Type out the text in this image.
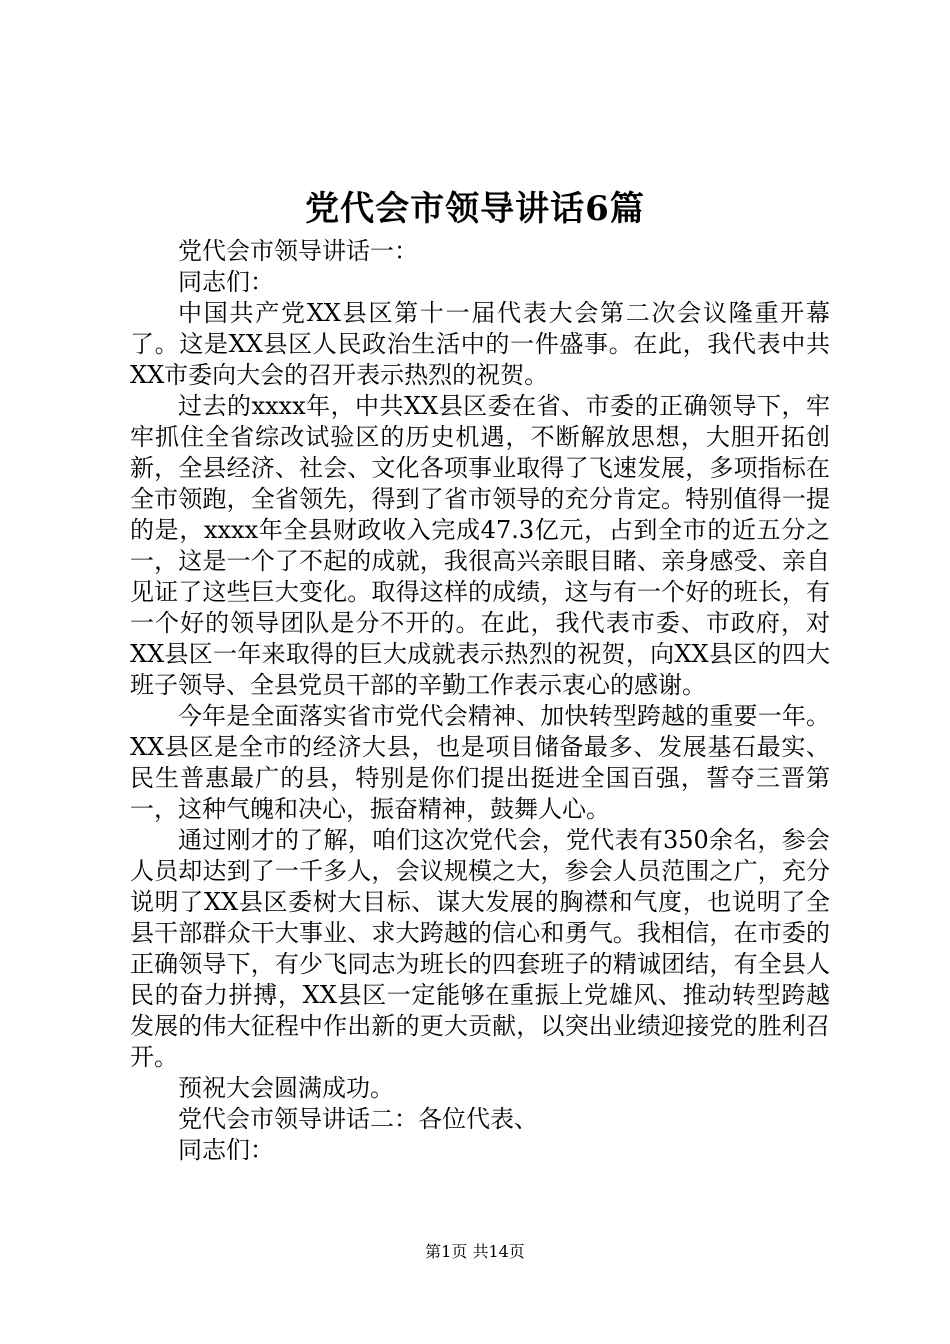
党代会市领导讲话6篇

党代会市领导讲话一：

同志们：

中国共产党XX县区第十一届代表大会第二次会议隆重开幕了。这是XX县区人民政治生活中的一件盛事。在此，我代表中共XX市委向大会的召开表示热烈的祝贺。

过去的xxxx年，中共XX县区委在省、市委的正确领导下，牢牢抓住全省综改试验区的历史机遇，不断解放思想，大胆开拓创新，全县经济、社会、文化各项事业取得了飞速发展，多项指标在全市领跑，全省领先，得到了省市领导的充分肯定。特别值得一提的是，xxxx年全县财政收入完成47.3亿元，占到全市的近五分之一，这是一个了不起的成就，我很高兴亲眼目睹、亲身感受、亲自见证了这些巨大变化。取得这样的成绩，这与有一个好的班长，有一个好的领导团队是分不开的。在此，我代表市委、市政府，对XX县区一年来取得的巨大成就表示热烈的祝贺，向XX县区的四大班子领导、全县党员干部的辛勤工作表示衷心的感谢。

今年是全面落实省市党代会精神、加快转型跨越的重要一年。XX县区是全市的经济大县，也是项目储备最多、发展基石最实、民生普惠最广的县，特别是你们提出挺进全国百强，誓夺三晋第一，这种气魄和决心，振奋精神，鼓舞人心。

通过刚才的了解，咱们这次党代会，党代表有350余名，参会人员却达到了一千多人，会议规模之大，参会人员范围之广，充分说明了XX县区委树大目标、谋大发展的胸襟和气度，也说明了全县干部群众干大事业、求大跨越的信心和勇气。我相信，在市委的正确领导下，有少飞同志为班长的四套班子的精诚团结，有全县人民的奋力拼搏，XX县区一定能够在重振上党雄风、推动转型跨越发展的伟大征程中作出新的更大贡献，以突出业绩迎接党的胜利召开。

预祝大会圆满成功。

党代会市领导讲话二：各位代表、

同志们：

第1页 共14页
